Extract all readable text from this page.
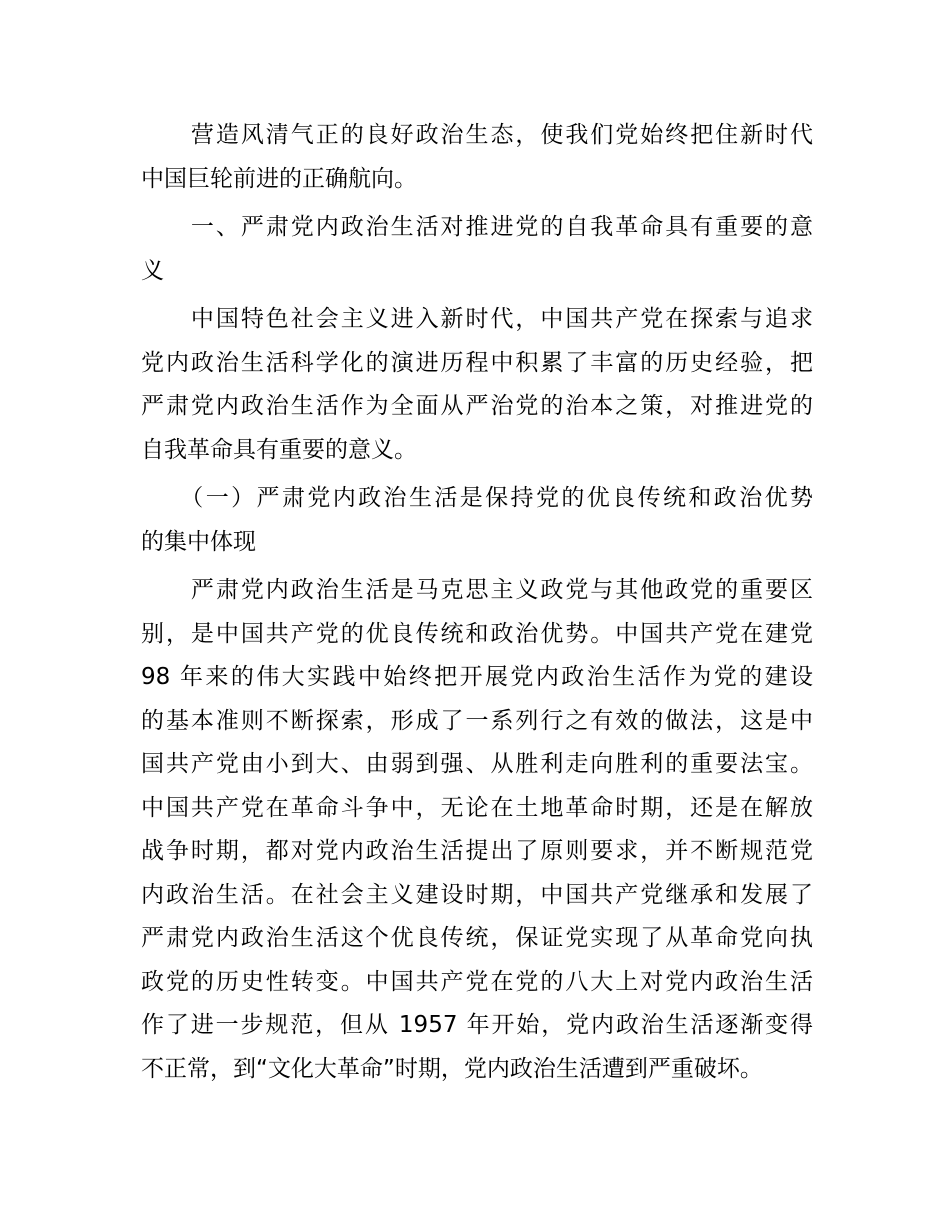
　　营造风清气正的良好政治生态，使我们党始终把住新时代
中国巨轮前进的正确航向。

　　一、严肃党内政治生活对推进党的自我革命具有重要的意
义

　　中国特色社会主义进入新时代，中国共产党在探索与追求
党内政治生活科学化的演进历程中积累了丰富的历史经验，把
严肃党内政治生活作为全面从严治党的治本之策，对推进党的
自我革命具有重要的意义。

　　（一）严肃党内政治生活是保持党的优良传统和政治优势
的集中体现

　　严肃党内政治生活是马克思主义政党与其他政党的重要区
别，是中国共产党的优良传统和政治优势。中国共产党在建党
98 年来的伟大实践中始终把开展党内政治生活作为党的建设
的基本准则不断探索，形成了一系列行之有效的做法，这是中
国共产党由小到大、由弱到强、从胜利走向胜利的重要法宝。
中国共产党在革命斗争中，无论在土地革命时期，还是在解放
战争时期，都对党内政治生活提出了原则要求，并不断规范党
内政治生活。在社会主义建设时期，中国共产党继承和发展了
严肃党内政治生活这个优良传统，保证党实现了从革命党向执
政党的历史性转变。中国共产党在党的八大上对党内政治生活
作了进一步规范，但从 1957 年开始，党内政治生活逐渐变得
不正常，到“文化大革命”时期，党内政治生活遭到严重破坏。
